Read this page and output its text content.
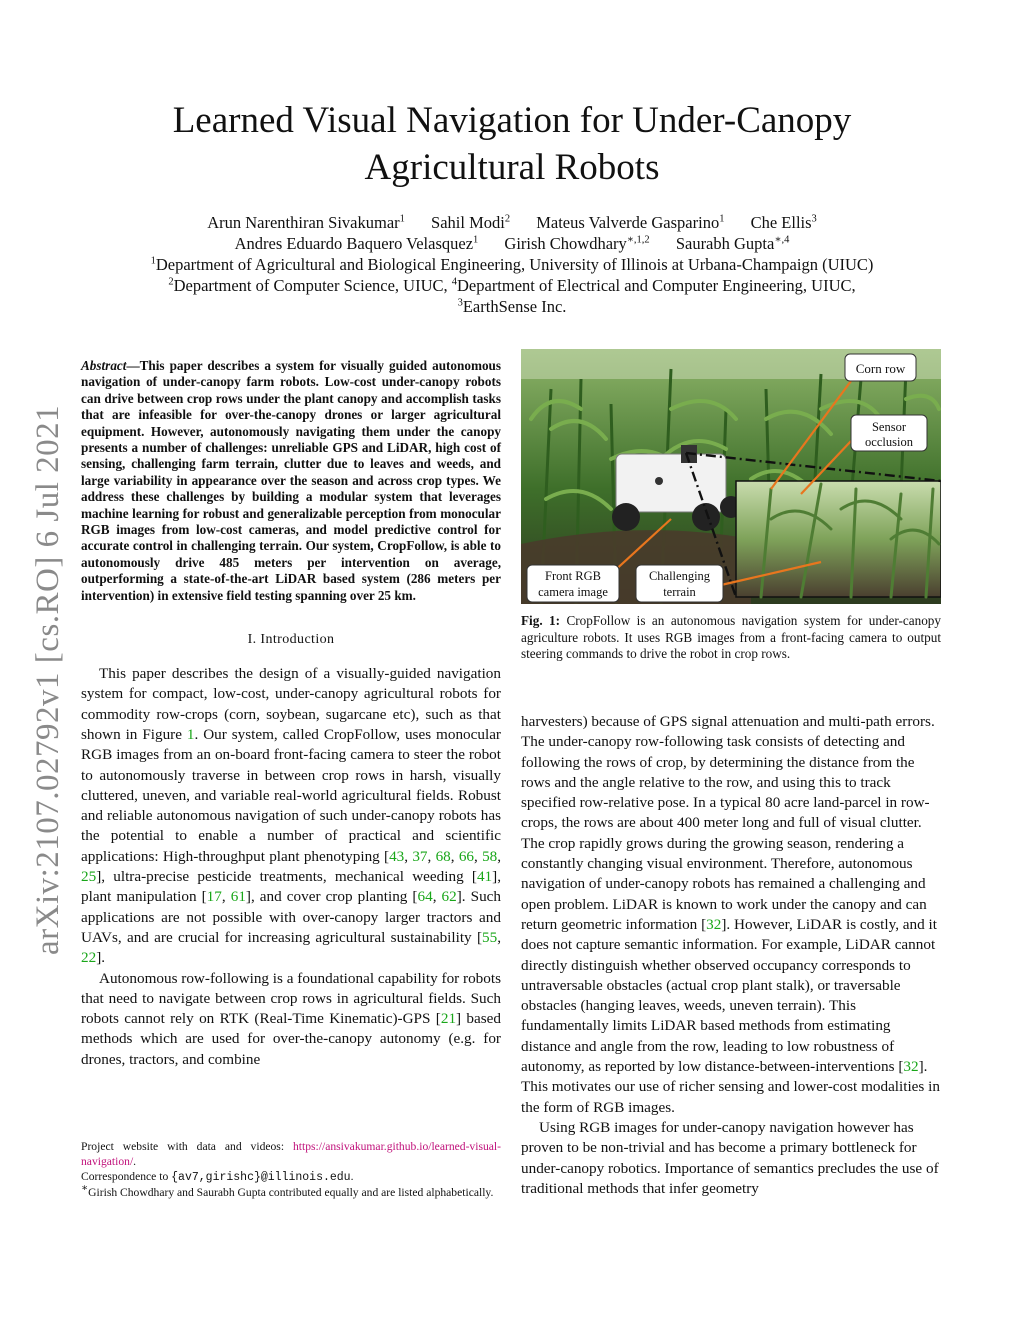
arXiv:2107.02792v1 [cs.RO] 6 Jul 2021
Learned Visual Navigation for Under-Canopy
Agricultural Robots
Arun Narenthiran Sivakumar$^1$ Sahil Modi$^2$ Mateus Valverde Gasparino$^1$ Che Ellis$^3$
Andres Eduardo Baquero Velasquez$^1$ Girish Chowdhary$^{∗,1,2}$ Saurabh Gupta$^{∗,4}$
$^1$Department of Agricultural and Biological Engineering, University of Illinois at Urbana-Champaign (UIUC)
$^2$Department of Computer Science, UIUC, $^4$Department of Electrical and Computer Engineering, UIUC,
$^3$EarthSense Inc.

Abstract—This paper describes a system for visually guided autonomous navigation of under-canopy farm robots. Low-cost under-canopy robots can drive between crop rows under the plant canopy and accomplish tasks that are infeasible for over-the-canopy drones or larger agricultural equipment. However, autonomously navigating them under the canopy presents a number of challenges: unreliable GPS and LiDAR, high cost of sensing, challenging farm terrain, clutter due to leaves and weeds, and large variability in appearance over the season and across crop types. We address these challenges by building a modular system that leverages machine learning for robust and generalizable perception from monocular RGB images from low-cost cameras, and model predictive control for accurate control in challenging terrain. Our system, CropFollow, is able to autonomously drive 485 meters per intervention on average, outperforming a state-of-the-art LiDAR based system (286 meters per intervention) in extensive field testing spanning over 25 km.

I. Introduction

This paper describes the design of a visually-guided navigation system for compact, low-cost, under-canopy agricultural robots for commodity row-crops (corn, soybean, sugarcane etc), such as that shown in Figure 1. Our system, called CropFollow, uses monocular RGB images from an on-board front-facing camera to steer the robot to autonomously traverse in between crop rows in harsh, visually cluttered, uneven, and variable real-world agricultural fields. Robust and reliable autonomous navigation of such under-canopy robots has the potential to enable a number of practical and scientific applications: High-throughput plant phenotyping [43, 37, 68, 66, 58, 25], ultra-precise pesticide treatments, mechanical weeding [41], plant manipulation [17, 61], and cover crop planting [64, 62]. Such applications are not possible with over-canopy larger tractors and UAVs, and are crucial for increasing agricultural sustainability [55, 22].

Autonomous row-following is a foundational capability for robots that need to navigate between crop rows in agricultural fields. Such robots cannot rely on RTK (Real-Time Kinematic)-GPS [21] based methods which are used for over-the-canopy autonomy (e.g. for drones, tractors, and combine

Project website with data and videos: https://ansivakumar.github.io/learned-visual-navigation/.

Correspondence to {av7,girishc}@illinois.edu.

∗Girish Chowdhary and Saurabh Gupta contributed equally and are listed alphabetically.

Corn row
Sensor
occlusion
Front RGB
camera image
Challenging
terrain

Fig. 1: CropFollow is an autonomous navigation system for under-canopy agriculture robots. It uses RGB images from a front-facing camera to output steering commands to drive the robot in crop rows.

harvesters) because of GPS signal attenuation and multi-path errors. The under-canopy row-following task consists of detecting and following the rows of crop, by determining the distance from the rows and the angle relative to the row, and using this to track specified row-relative pose. In a typical 80 acre land-parcel in row-crops, the rows are about 400 meter long and full of visual clutter. The crop rapidly grows during the growing season, rendering a constantly changing visual environment. Therefore, autonomous navigation of under-canopy robots has remained a challenging and open problem. LiDAR is known to work under the canopy and can return geometric information [32]. However, LiDAR is costly, and it does not capture semantic information. For example, LiDAR cannot directly distinguish whether observed occupancy corresponds to untraversable obstacles (actual crop plant stalk), or traversable obstacles (hanging leaves, weeds, uneven terrain). This fundamentally limits LiDAR based methods from estimating distance and angle from the row, leading to low robustness of autonomy, as reported by low distance-between-interventions [32]. This motivates our use of richer sensing and lower-cost modalities in the form of RGB images.

Using RGB images for under-canopy navigation however has proven to be non-trivial and has become a primary bottleneck for under-canopy robotics. Importance of semantics precludes the use of traditional methods that infer geometry
